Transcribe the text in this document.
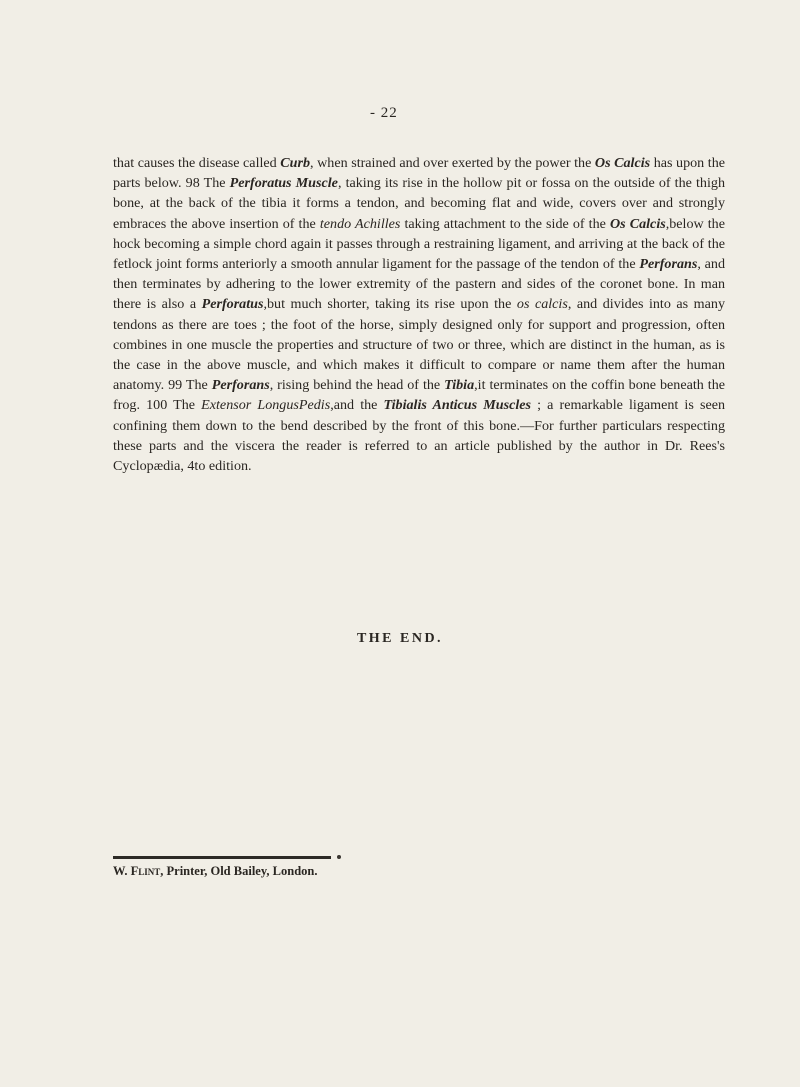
- 22

that causes the disease called Curb, when strained and over exerted by the power the Os Calcis has upon the parts below. 98 The Perforatus Muscle, taking its rise in the hollow pit or fossa on the outside of the thigh bone, at the back of the tibia it forms a tendon, and becoming flat and wide, covers over and strongly embraces the above insertion of the tendo Achilles taking attachment to the side of the Os Calcis,below the hock becoming a simple chord again it passes through a restraining ligament, and arriving at the back of the fetlock joint forms anteriorly a smooth annular ligament for the passage of the tendon of the Perforans, and then terminates by adhering to the lower extremity of the pastern and sides of the coronet bone. In man there is also a Perforatus,but much shorter, taking its rise upon the os calcis, and divides into as many tendons as there are toes ; the foot of the horse, simply designed only for support and progression, often combines in one muscle the properties and structure of two or three, which are distinct in the human, as is the case in the above muscle, and which makes it difficult to compare or name them after the human anatomy. 99 The Perforans, rising behind the head of the Tibia,it terminates on the coffin bone beneath the frog. 100 The Extensor LongusPedis,and the Tibialis Anticus Muscles ; a remarkable ligament is seen confining them down to the bend described by the front of this bone.—For further particulars respecting these parts and the viscera the reader is referred to an article published by the author in Dr. Rees's Cyclopædia, 4to edition.

THE END.
W. Flint, Printer, Old Bailey, London.
